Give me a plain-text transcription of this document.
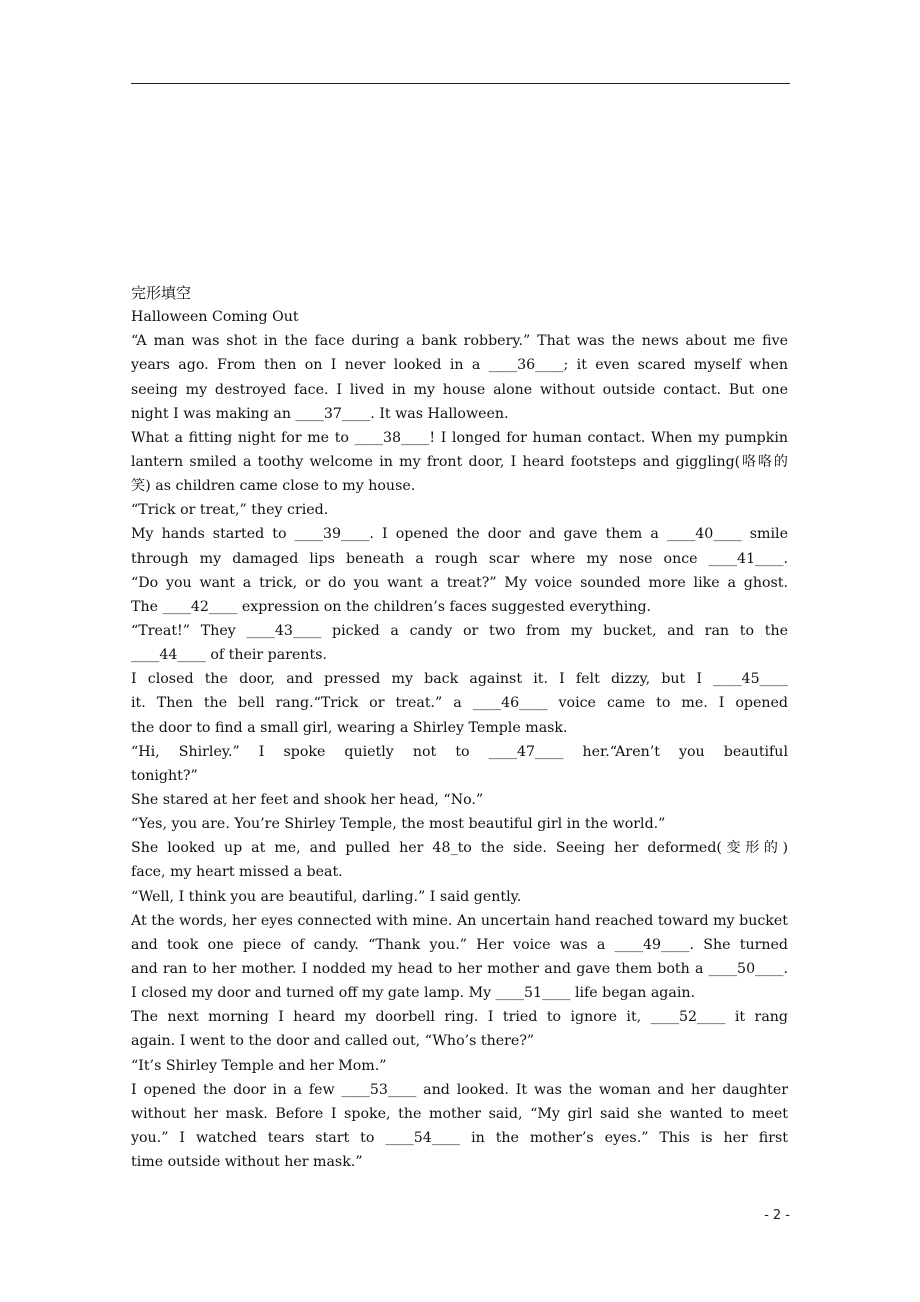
完形填空
Halloween Coming Out
“A man was shot in the face during a bank robbery.” That was the news about me five
years ago. From then on I never looked in a ____36____; it even scared myself when
seeing my destroyed face. I lived in my house alone without outside contact. But one
night I was making an ____37____. It was Halloween.
What a fitting night for me to ____38____! I longed for human contact. When my pumpkin
lantern smiled a toothy welcome in my front door, I heard footsteps and giggling(咯咯的
笑) as children came close to my house.
“Trick or treat,” they cried.
My hands started to ____39____. I opened the door and gave them a ____40____ smile
through my damaged lips beneath a rough scar where my nose once ____41____.
“Do you want a trick, or do you want a treat?” My voice sounded more like a ghost.
The ____42____ expression on the children’s faces suggested everything.
“Treat!” They ____43____ picked a candy or two from my bucket, and ran to the
____44____ of their parents.
I closed the door, and pressed my back against it. I felt dizzy, but I ____45____
it. Then the bell rang.“Trick or treat.” a ____46____ voice came to me. I opened
the door to find a small girl, wearing a Shirley Temple mask.
“Hi, Shirley.” I spoke quietly not to ____47____ her.“Aren’t you beautiful
tonight?”
She stared at her feet and shook her head, “No.”
“Yes, you are. You’re Shirley Temple, the most beautiful girl in the world.”
She looked up at me, and pulled her 48_to the side. Seeing her deformed(变形的)
face, my heart missed a beat.
“Well, I think you are beautiful, darling.” I said gently.
At the words, her eyes connected with mine. An uncertain hand reached toward my bucket
and took one piece of candy. “Thank you.” Her voice was a ____49____. She turned
and ran to her mother. I nodded my head to her mother and gave them both a ____50____.
I closed my door and turned off my gate lamp. My ____51____ life began again.
The next morning I heard my doorbell ring. I tried to ignore it, ____52____ it rang
again. I went to the door and called out, “Who’s there?”
“It’s Shirley Temple and her Mom.”
I opened the door in a few ____53____ and looked. It was the woman and her daughter
without her mask. Before I spoke, the mother said, “My girl said she wanted to meet
you.” I watched tears start to ____54____ in the mother’s eyes.” This is her first
time outside without her mask.”
- 2 -
